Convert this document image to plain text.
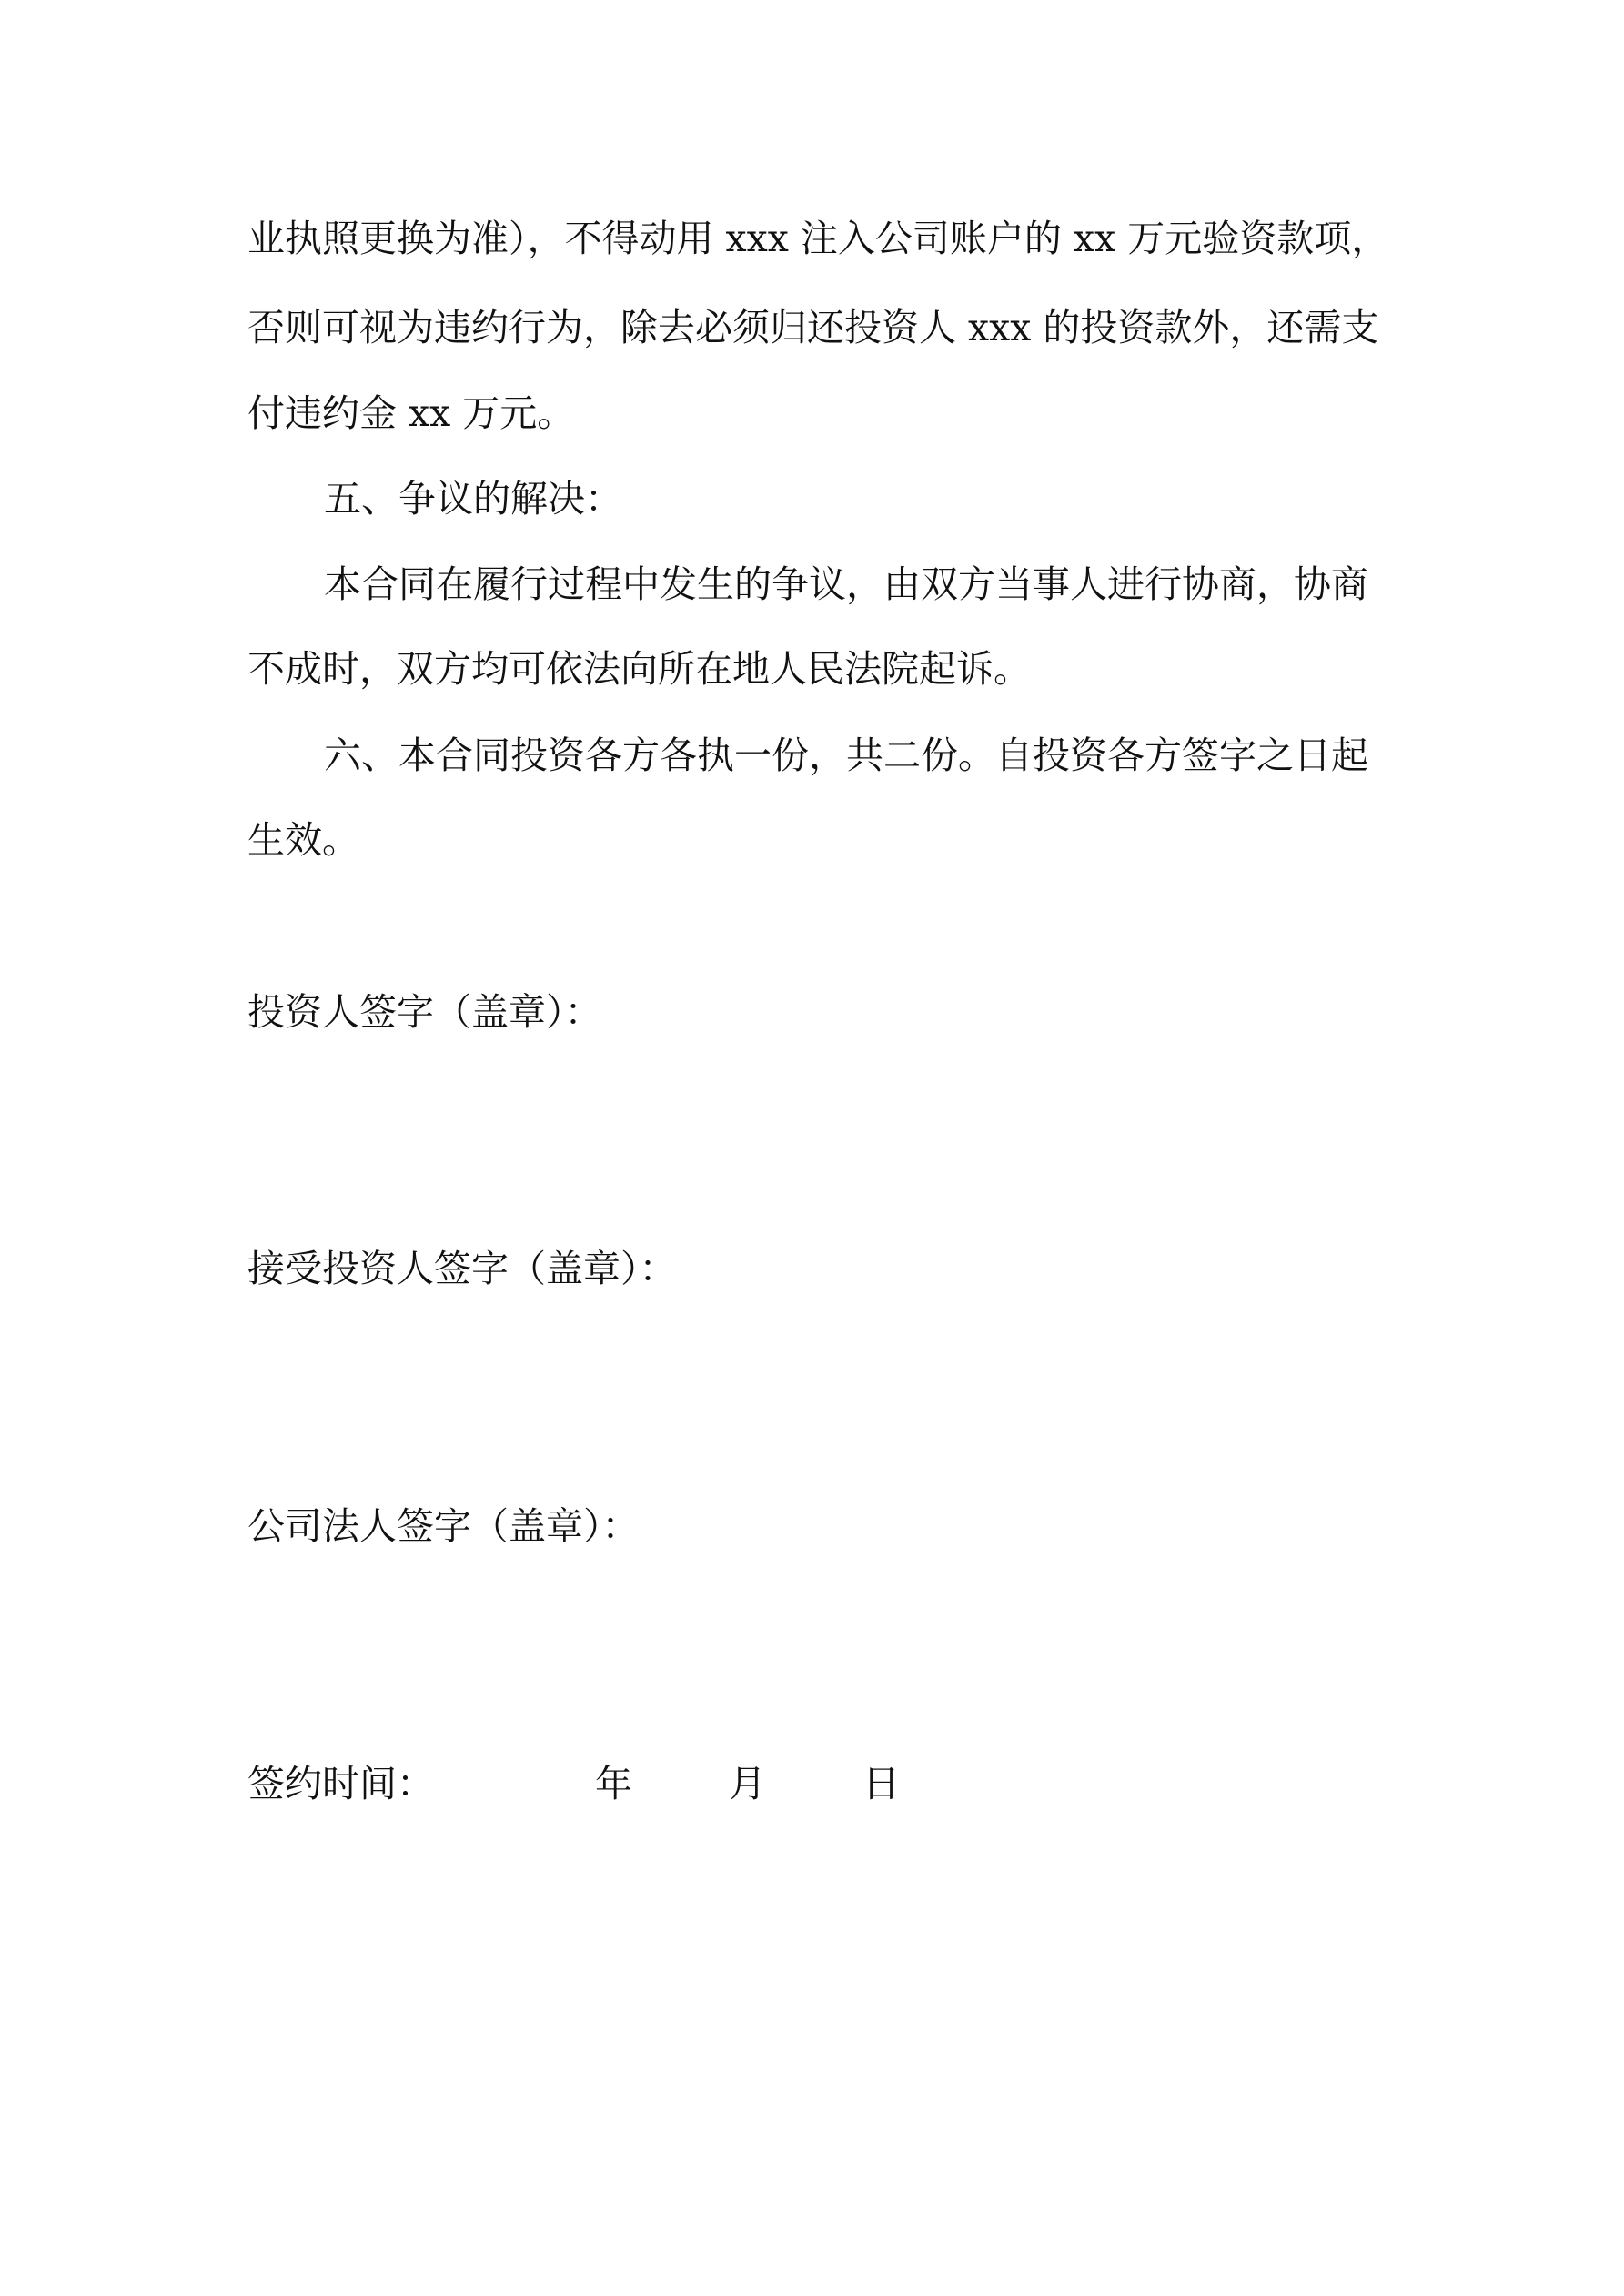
业执照更换为准），不得动用 xxx 注入公司账户的 xx 万元验资款项，
否则可视为违约行为，除去必须归还投资人 xxx 的投资款外，还需支
付违约金 xx 万元。
五、争议的解决：
本合同在履行过程中发生的争议，由双方当事人进行协商，协商
不成时，双方均可依法向所在地人民法院起诉。
六、本合同投资各方各执一份，共二份。自投资各方签字之日起
生效。
投资人签字（盖章）：
接受投资人签字（盖章）：
公司法人签字（盖章）：
签约时间：	年	月	日
